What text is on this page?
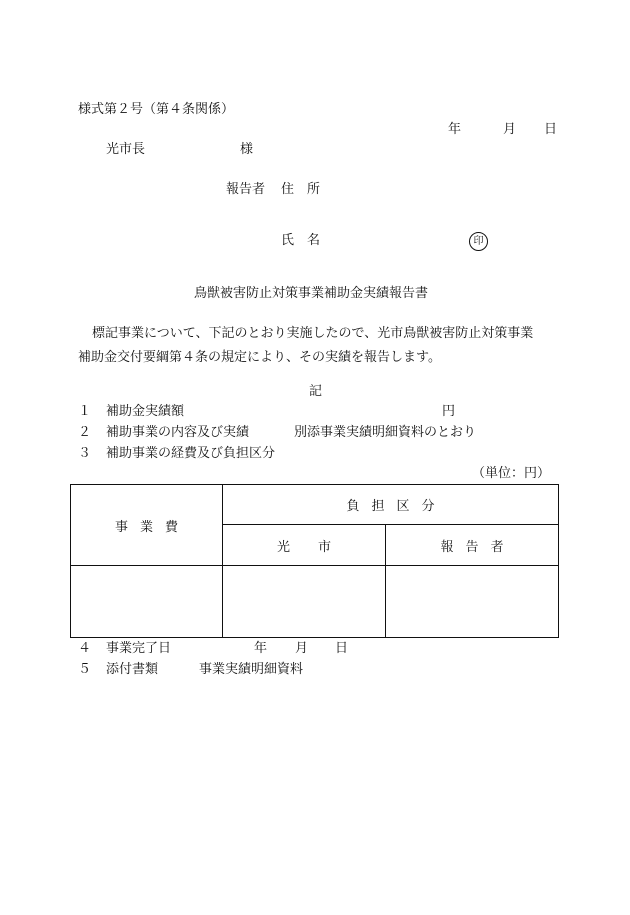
様式第２号（第４条関係）
年	月 日
光市長	様
報告者 住　所
氏　名	印
鳥獣被害防止対策事業補助金実績報告書

標記事業について、下記のとおり実施したので、光市鳥獣被害防止対策事業

補助金交付要綱第４条の規定により、その実績を報告します。

記
１ 補助金実績額	円
２ 補助事業の内容及び実績	別添事業実績明細資料のとおり
３ 補助事業の経費及び負担区分
（単位：円）
事業費	負担区分	
	光市	報告者

４ 事業完了日	年 月 日
５ 添付書類	事業実績明細資料
